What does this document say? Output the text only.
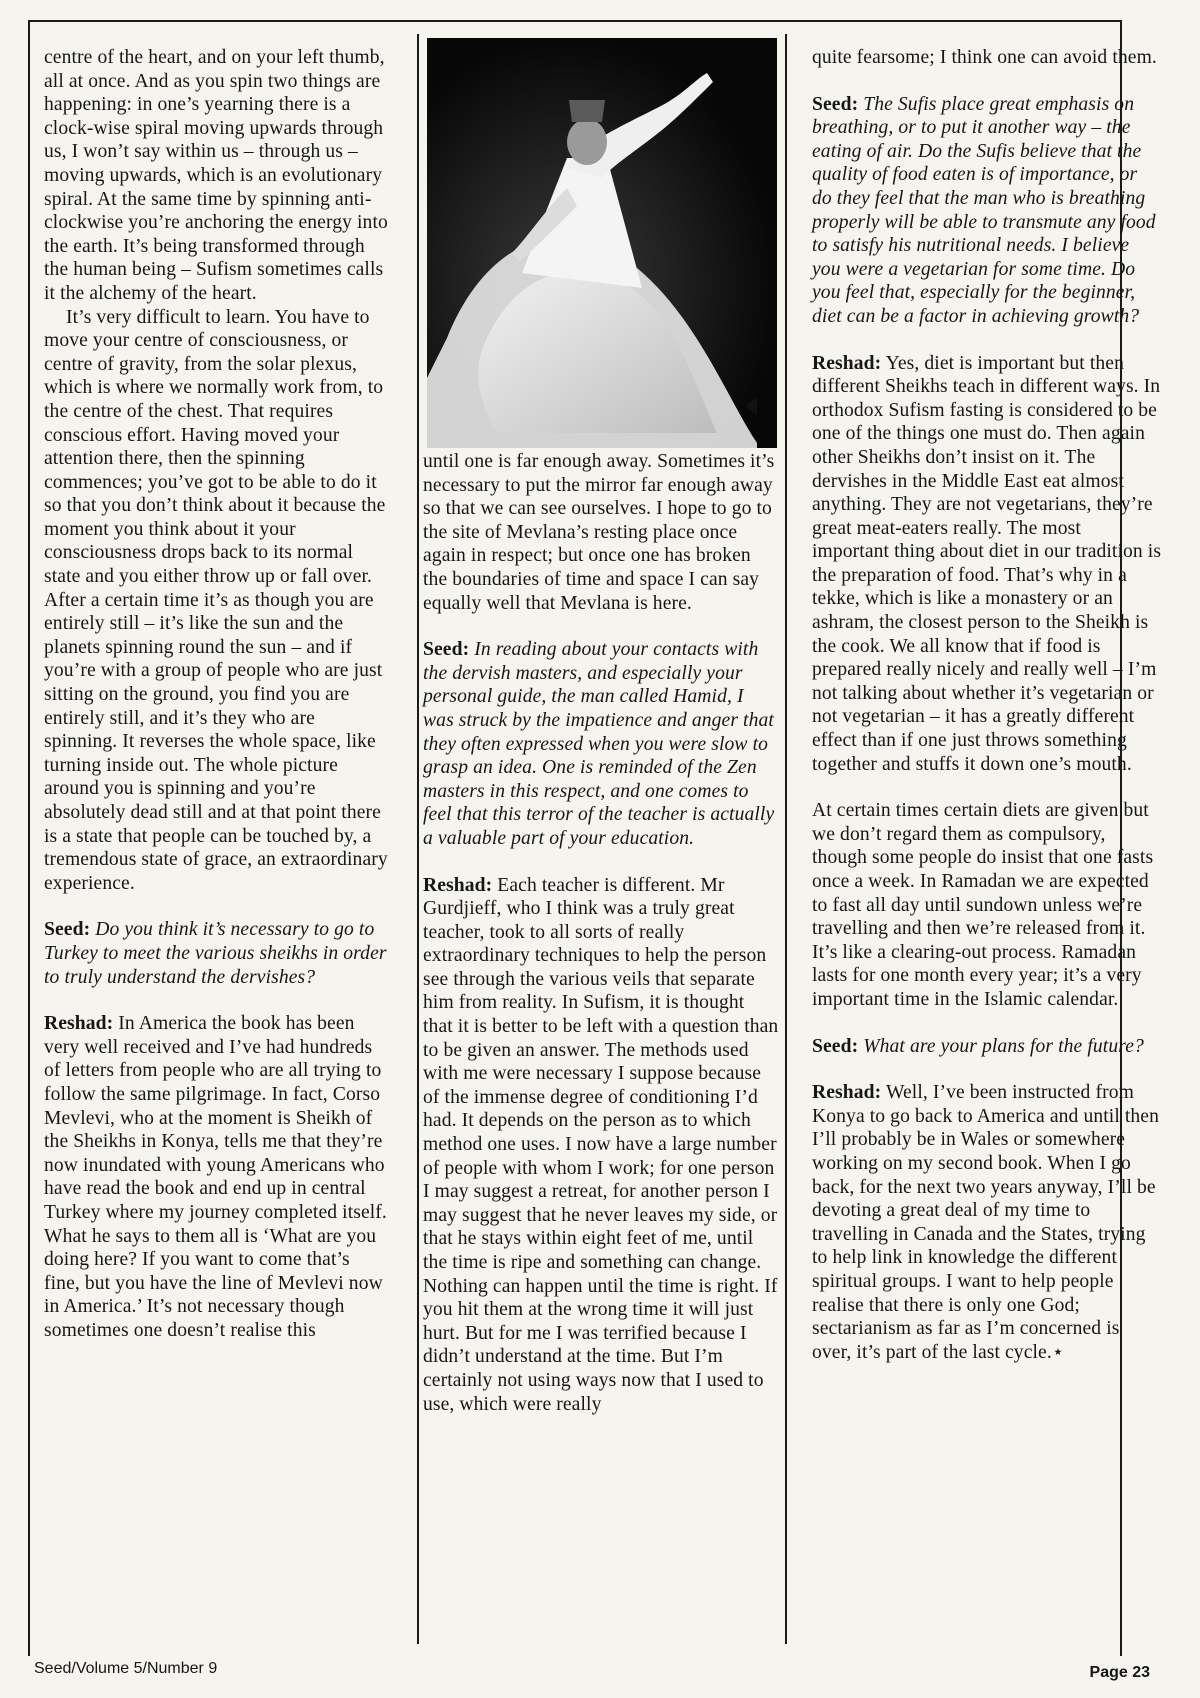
centre of the heart, and on your left thumb, all at once. And as you spin two things are happening: in one’s yearning there is a clock-wise spiral moving upwards through us, I won’t say within us – through us – moving upwards, which is an evolutionary spiral. At the same time by spinning anti-clockwise you’re anchoring the energy into the earth. It’s being transformed through the human being – Sufism sometimes calls it the alchemy of the heart.

It’s very difficult to learn. You have to move your centre of consciousness, or centre of gravity, from the solar plexus, which is where we normally work from, to the centre of the chest. That requires conscious effort. Having moved your attention there, then the spinning commences; you’ve got to be able to do it so that you don’t think about it because the moment you think about it your consciousness drops back to its normal state and you either throw up or fall over. After a certain time it’s as though you are entirely still – it’s like the sun and the planets spinning round the sun – and if you’re with a group of people who are just sitting on the ground, you find you are entirely still, and it’s they who are spinning. It reverses the whole space, like turning inside out. The whole picture around you is spinning and you’re absolutely dead still and at that point there is a state that people can be touched by, a tremendous state of grace, an extraordinary experience.

Seed: Do you think it’s necessary to go to Turkey to meet the various sheikhs in order to truly understand the dervishes?

Reshad: In America the book has been very well received and I’ve had hundreds of letters from people who are all trying to follow the same pilgrimage. In fact, Corso Mevlevi, who at the moment is Sheikh of the Sheikhs in Konya, tells me that they’re now inundated with young Americans who have read the book and end up in central Turkey where my journey completed itself. What he says to them all is ‘What are you doing here? If you want to come that’s fine, but you have the line of Mevlevi now in America.’ It’s not necessary though sometimes one doesn’t realise this

until one is far enough away. Sometimes it’s necessary to put the mirror far enough away so that we can see ourselves. I hope to go to the site of Mevlana’s resting place once again in respect; but once one has broken the boundaries of time and space I can say equally well that Mevlana is here.

Seed: In reading about your contacts with the dervish masters, and especially your personal guide, the man called Hamid, I was struck by the impatience and anger that they often expressed when you were slow to grasp an idea. One is reminded of the Zen masters in this respect, and one comes to feel that this terror of the teacher is actually a valuable part of your education.

Reshad: Each teacher is different. Mr Gurdjieff, who I think was a truly great teacher, took to all sorts of really extraordinary techniques to help the person see through the various veils that separate him from reality. In Sufism, it is thought that it is better to be left with a question than to be given an answer. The methods used with me were necessary I suppose because of the immense degree of conditioning I’d had. It depends on the person as to which method one uses. I now have a large number of people with whom I work; for one person I may suggest a retreat, for another person I may suggest that he never leaves my side, or that he stays within eight feet of me, until the time is ripe and something can change. Nothing can happen until the time is right. If you hit them at the wrong time it will just hurt. But for me I was terrified because I didn’t understand at the time. But I’m certainly not using ways now that I used to use, which were really

quite fearsome; I think one can avoid them.

Seed: The Sufis place great emphasis on breathing, or to put it another way – the eating of air. Do the Sufis believe that the quality of food eaten is of importance, or do they feel that the man who is breathing properly will be able to transmute any food to satisfy his nutritional needs. I believe you were a vegetarian for some time. Do you feel that, especially for the beginner, diet can be a factor in achieving growth?

Reshad: Yes, diet is important but then different Sheikhs teach in different ways. In orthodox Sufism fasting is considered to be one of the things one must do. Then again other Sheikhs don’t insist on it. The dervishes in the Middle East eat almost anything. They are not vegetarians, they’re great meat-eaters really. The most important thing about diet in our tradition is the preparation of food. That’s why in a tekke, which is like a monastery or an ashram, the closest person to the Sheikh is the cook. We all know that if food is prepared really nicely and really well – I’m not talking about whether it’s vegetarian or not vegetarian – it has a greatly different effect than if one just throws something together and stuffs it down one’s mouth.

At certain times certain diets are given but we don’t regard them as compulsory, though some people do insist that one fasts once a week. In Ramadan we are expected to fast all day until sundown unless we’re travelling and then we’re released from it. It’s like a clearing-out process. Ramadan lasts for one month every year; it’s a very important time in the Islamic calendar.

Seed: What are your plans for the future?

Reshad: Well, I’ve been instructed from Konya to go back to America and until then I’ll probably be in Wales or somewhere working on my second book. When I go back, for the next two years anyway, I’ll be devoting a great deal of my time to travelling in Canada and the States, trying to help link in knowledge the different spiritual groups. I want to help people realise that there is only one God; sectarianism as far as I’m concerned is over, it’s part of the last cycle.⋆

Seed/Volume 5/Number 9	Page 23
